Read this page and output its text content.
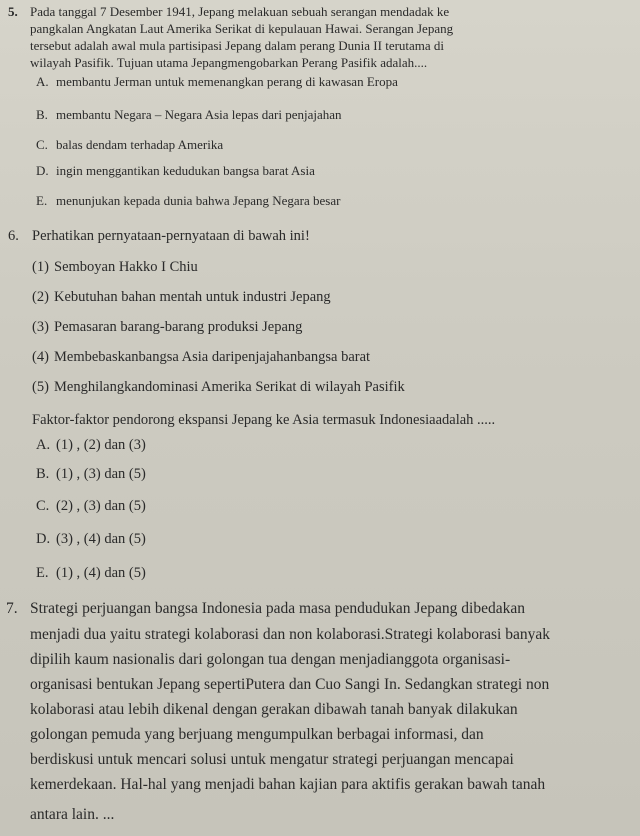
5. Pada tanggal 7 Desember 1941, Jepang melakuan sebuah serangan mendadak ke
pangkalan Angkatan Laut Amerika Serikat di kepulauan Hawai. Serangan Jepang
tersebut adalah awal mula partisipasi Jepang dalam perang Dunia II terutama di
wilayah Pasifik. Tujuan utama Jepangmengobarkan Perang Pasifik adalah....
A. membantu Jerman untuk memenangkan perang di kawasan Eropa
B. membantu Negara – Negara Asia lepas dari penjajahan
C. balas dendam terhadap Amerika
D. ingin menggantikan kedudukan bangsa barat Asia
E. menunjukan kepada dunia bahwa Jepang Negara besar
6. Perhatikan pernyataan-pernyataan di bawah ini!
(1) Semboyan Hakko I Chiu
(2) Kebutuhan bahan mentah untuk industri Jepang
(3) Pemasaran barang-barang produksi Jepang
(4) Membebaskanbangsa Asia daripenjajahanbangsa barat
(5) Menghilangkandominasi Amerika Serikat di wilayah Pasifik
Faktor-faktor pendorong ekspansi Jepang ke Asia termasuk Indonesiaadalah .....
A. (1) , (2) dan (3)
B. (1) , (3) dan (5)
C. (2) , (3) dan (5)
D. (3) , (4) dan (5)
E. (1) , (4) dan (5)
7. Strategi perjuangan bangsa Indonesia pada masa pendudukan Jepang dibedakan
menjadi dua yaitu strategi kolaborasi dan non kolaborasi.Strategi kolaborasi banyak
dipilih kaum nasionalis dari golongan tua dengan menjadianggota organisasi-
organisasi bentukan Jepang sepertiPutera dan Cuo Sangi In. Sedangkan strategi non
kolaborasi atau lebih dikenal dengan gerakan dibawah tanah banyak dilakukan
golongan pemuda yang berjuang mengumpulkan berbagai informasi, dan
berdiskusi untuk mencari solusi untuk mengatur strategi perjuangan mencapai
kemerdekaan. Hal-hal yang menjadi bahan kajian para aktifis gerakan bawah tanah
antara lain. ...
